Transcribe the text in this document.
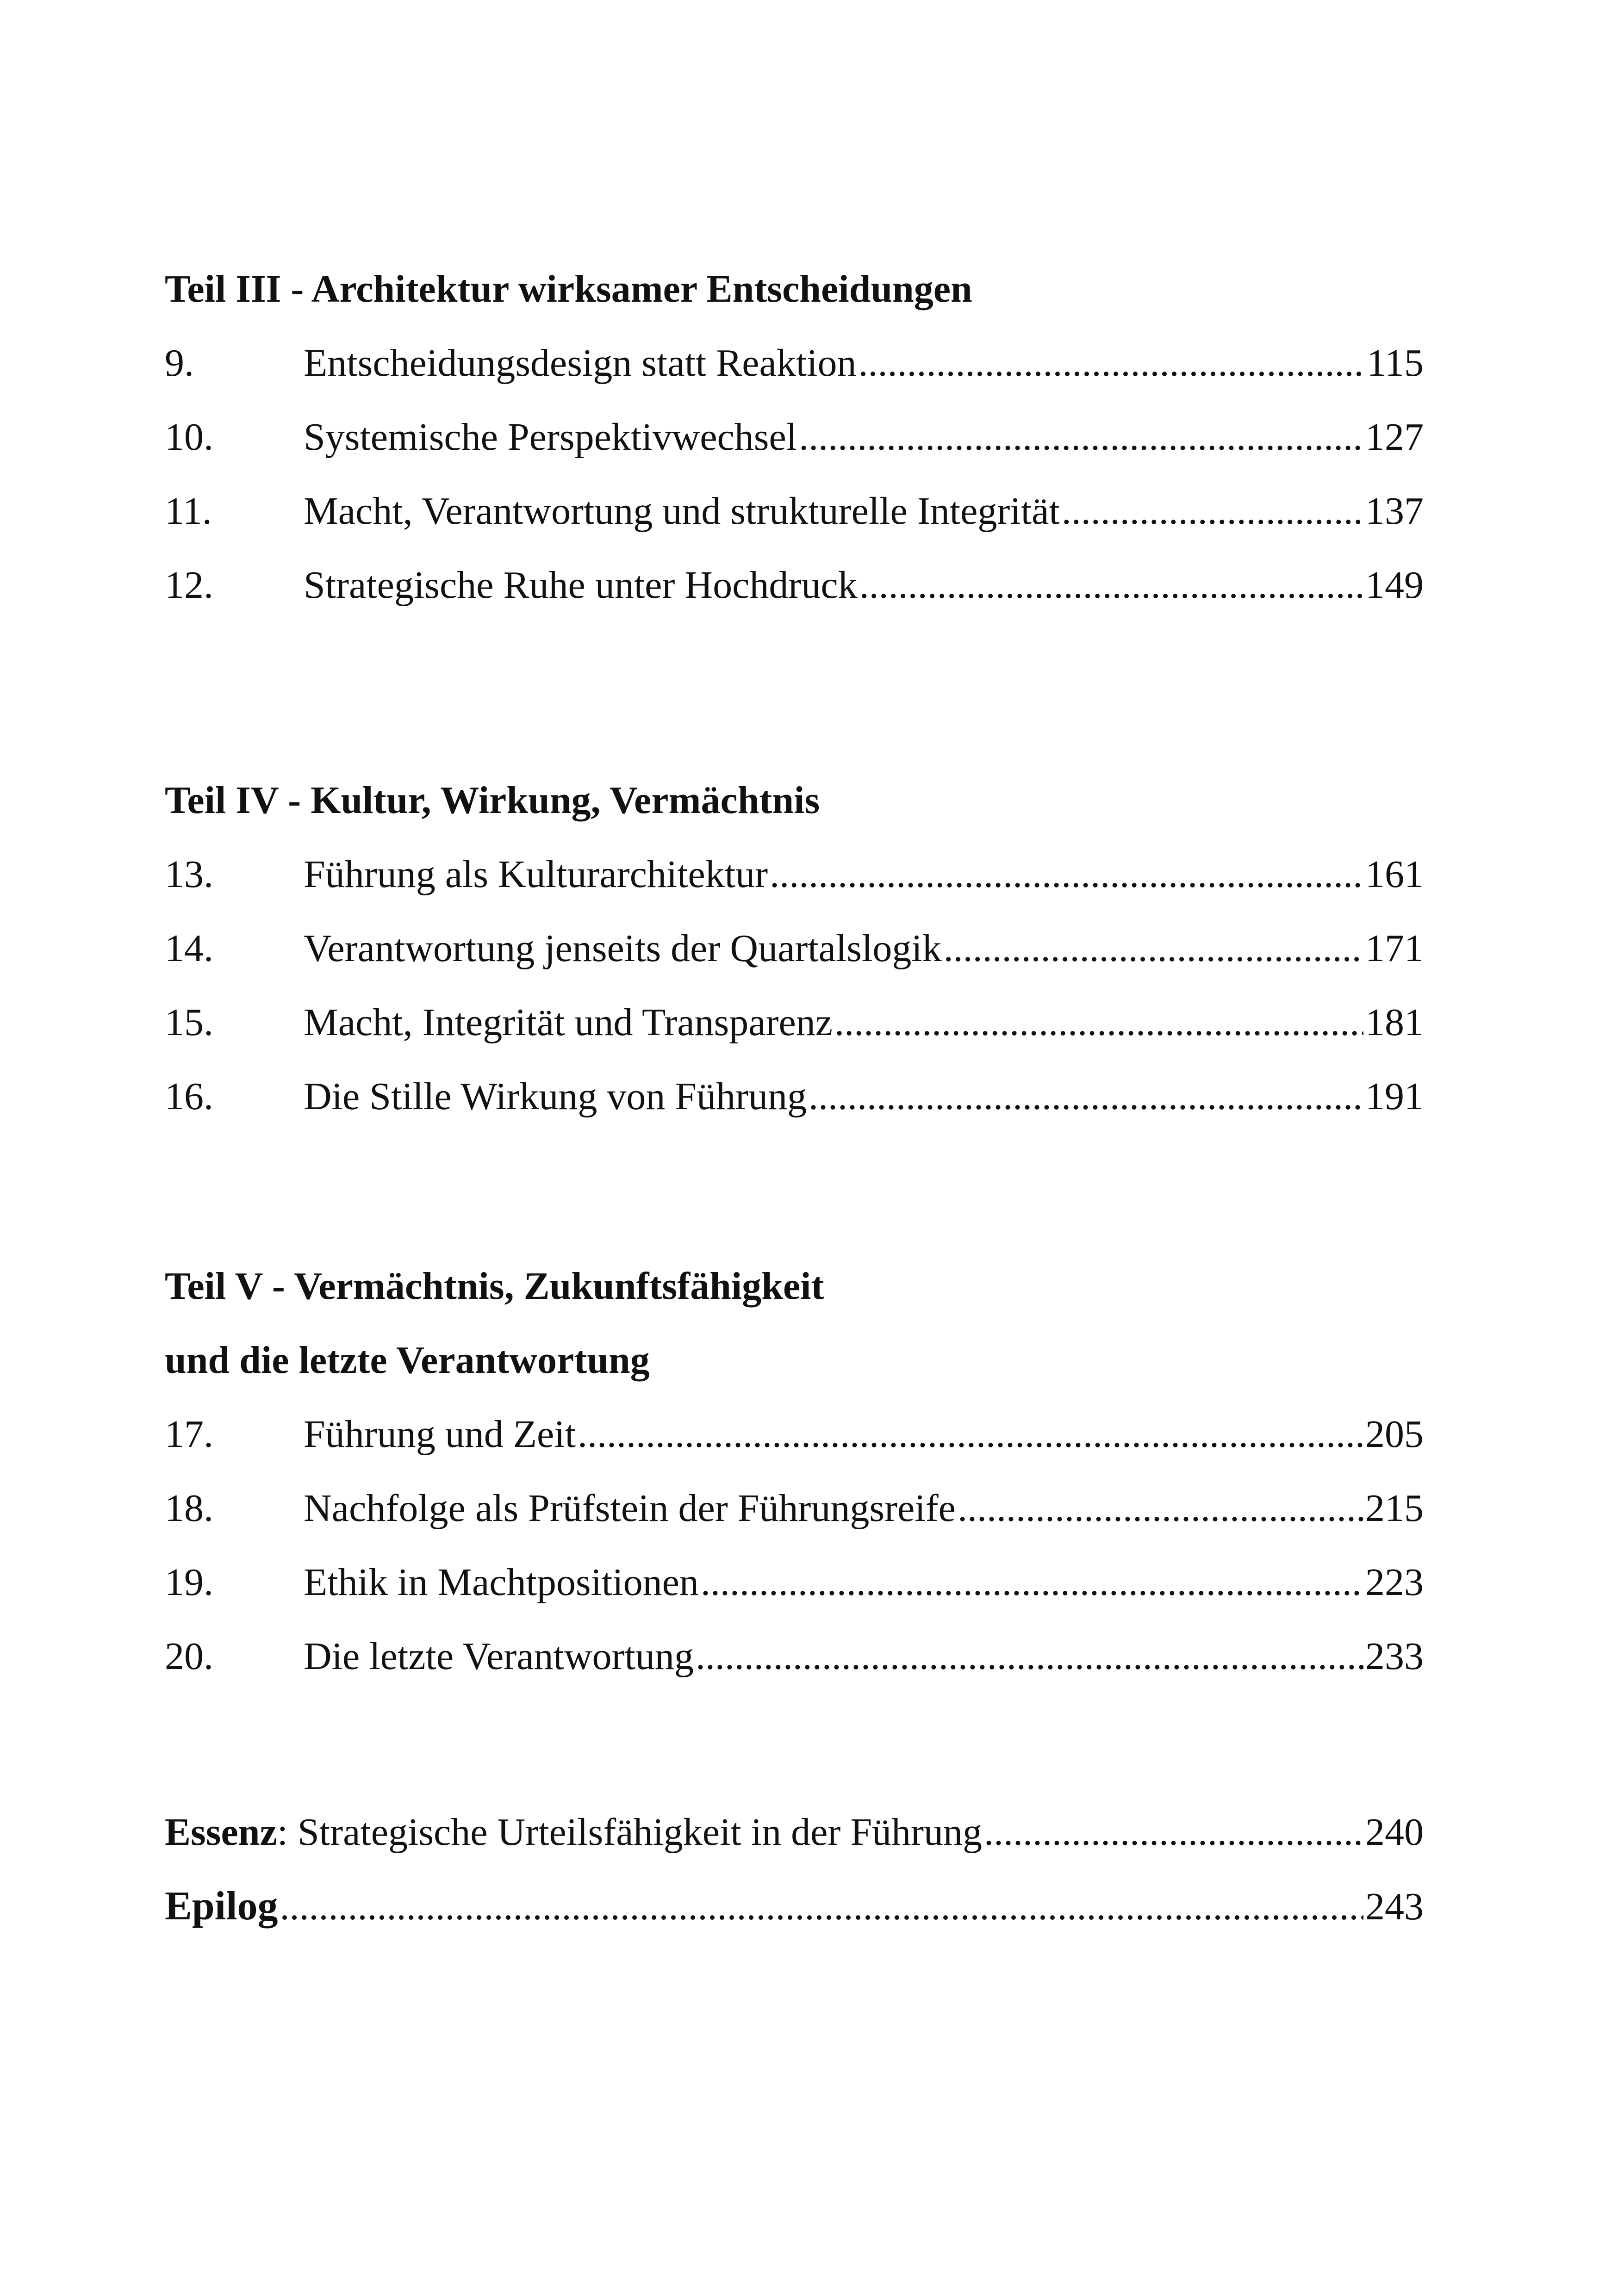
Teil III - Architektur wirksamer Entscheidungen
9.	Entscheidungsdesign statt Reaktion .....	115
10.	Systemische Perspektivwechsel .....	127
11.	Macht, Verantwortung und strukturelle Integrität .....	137
12.	Strategische Ruhe unter Hochdruck .....	149
Teil IV - Kultur, Wirkung, Vermächtnis
13.	Führung als Kulturarchitektur .....	161
14.	Verantwortung jenseits der Quartalslogik .....	171
15.	Macht, Integrität und Transparenz .....	181
16.	Die Stille Wirkung von Führung .....	191
Teil V - Vermächtnis, Zukunftsfähigkeit
und die letzte Verantwortung
17.	Führung und Zeit .....	205
18.	Nachfolge als Prüfstein der Führungsreife .....	215
19.	Ethik in Machtpositionen .....	223
20.	Die letzte Verantwortung .....	233
Essenz: Strategische Urteilsfähigkeit in der Führung .....	240
Epilog .....	243
